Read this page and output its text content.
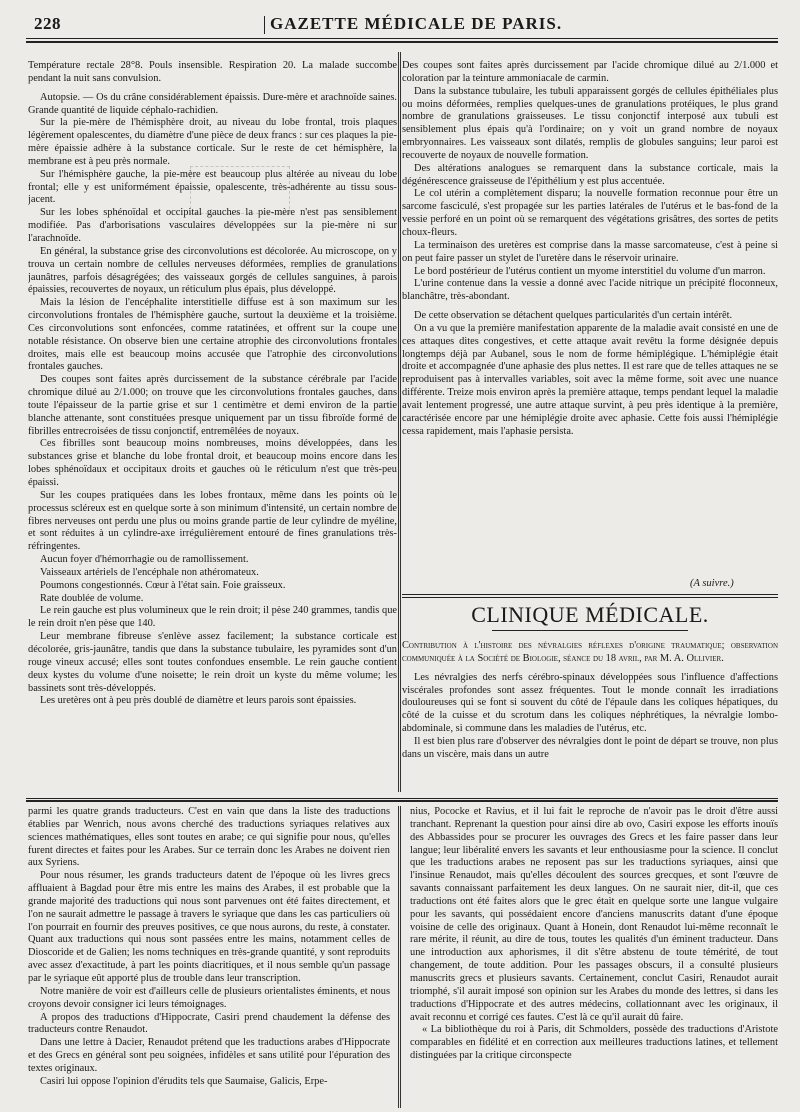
228	GAZETTE MÉDICALE DE PARIS.

Température rectale 28°8. Pouls insensible. Respiration 20. La malade succombe pendant la nuit sans convulsion.

Autopsie. — Os du crâne considérablement épaissis. Dure-mère et arachnoïde saines. Grande quantité de liquide céphalo-rachidien.

Sur la pie-mère de l'hémisphère droit, au niveau du lobe frontal, trois plaques légèrement opalescentes, du diamètre d'une pièce de deux francs : sur ces plaques la pie-mère épaissie adhère à la substance corticale. Sur le reste de cet hémisphère, la membrane est à peu près normale.

Sur l'hémisphère gauche, la pie-mère est beaucoup plus altérée au niveau du lobe frontal; elle y est uniformément épaissie, opalescente, très-adhérente au tissu sous-jacent.

Sur les lobes sphénoïdal et occipital gauches la pie-mère n'est pas sensiblement modifiée. Pas d'arborisations vasculaires développées sur la pie-mère ni sur l'arachnoïde.

En général, la substance grise des circonvolutions est décolorée. Au microscope, on y trouva un certain nombre de cellules nerveuses déformées, remplies de granulations jaunâtres, parfois désagrégées; des vaisseaux gorgés de cellules sanguines, à parois épaissies, recouvertes de noyaux, un réticulum plus épais, plus développé.

Mais la lésion de l'encéphalite interstitielle diffuse est à son maximum sur les circonvolutions frontales de l'hémisphère gauche, surtout la deuxième et la troisième. Ces circonvolutions sont enfoncées, comme ratatinées, et offrent sur la coupe une notable résistance. On observe bien une certaine atrophie des circonvolutions frontales droites, mais elle est beaucoup moins accusée que l'atrophie des circonvolutions frontales gauches.

Des coupes sont faites après durcissement de la substance cérébrale par l'acide chromique dilué au 2/1.000; on trouve que les circonvolutions frontales gauches, dans toute l'épaisseur de la partie grise et sur 1 centimètre et demi environ de la partie blanche attenante, sont constituées presque uniquement par un tissu fibroïde formé de fibrilles entrecroisées de tissu conjonctif, entremêlées de noyaux.

Ces fibrilles sont beaucoup moins nombreuses, moins développées, dans les substances grise et blanche du lobe frontal droit, et beaucoup moins encore dans les lobes sphénoïdaux et occipitaux droits et gauches où le réticulum n'est que très-peu épaissi.

Sur les coupes pratiquées dans les lobes frontaux, même dans les points où le processus scléreux est en quelque sorte à son minimum d'intensité, un certain nombre de fibres nerveuses ont perdu une plus ou moins grande partie de leur cylindre de myéline, et sont réduites à un cylindre-axe irrégulièrement entouré de fines granulations très-réfringentes.

Aucun foyer d'hémorrhagie ou de ramollissement.

Vaisseaux artériels de l'encéphale non athéromateux.

Poumons congestionnés. Cœur à l'état sain. Foie graisseux.

Rate doublée de volume.

Le rein gauche est plus volumineux que le rein droit; il pèse 240 grammes, tandis que le rein droit n'en pèse que 140.

Leur membrane fibreuse s'enlève assez facilement; la substance corticale est décolorée, gris-jaunâtre, tandis que dans la substance tubulaire, les pyramides sont d'un rouge vineux accusé; elles sont toutes confondues ensemble. Le rein gauche contient deux kystes du volume d'une noisette; le rein droit un kyste du même volume; les bassinets sont très-développés.

Les uretères ont à peu près doublé de diamètre et leurs parois sont épaissies.

Des coupes sont faites après durcissement par l'acide chromique dilué au 2/1.000 et coloration par la teinture ammoniacale de carmin.

Dans la substance tubulaire, les tubuli apparaissent gorgés de cellules épithéliales plus ou moins déformées, remplies quelques-unes de granulations protéiques, le plus grand nombre de granulations graisseuses. Le tissu conjonctif interposé aux tubuli est sensiblement plus épais qu'à l'ordinaire; on y voit un grand nombre de noyaux embryonnaires. Les vaisseaux sont dilatés, remplis de globules sanguins; leur paroi est recouverte de noyaux de nouvelle formation.

Des altérations analogues se remarquent dans la substance corticale, mais la dégénérescence graisseuse de l'épithélium y est plus accentuée.

Le col utérin a complètement disparu; la nouvelle formation reconnue pour être un sarcome fasciculé, s'est propagée sur les parties latérales de l'utérus et le bas-fond de la vessie perforé en un point où se remarquent des végétations grisâtres, des sortes de petits choux-fleurs.

La terminaison des uretères est comprise dans la masse sarcomateuse, c'est à peine si on peut faire passer un stylet de l'uretère dans le réservoir urinaire.

Le bord postérieur de l'utérus contient un myome interstitiel du volume d'un marron.

L'urine contenue dans la vessie a donné avec l'acide nitrique un précipité floconneux, blanchâtre, très-abondant.

De cette observation se détachent quelques particularités d'un certain intérêt.

On a vu que la première manifestation apparente de la maladie avait consisté en une de ces attaques dites congestives, et cette attaque avait revêtu la forme désignée depuis longtemps déjà par Aubanel, sous le nom de forme hémiplégique. L'hémiplégie était droite et accompagnée d'une aphasie des plus nettes. Il est rare que de telles attaques ne se reproduisent pas à intervalles variables, soit avec la même forme, soit avec une nuance différente. Treize mois environ après la première attaque, temps pendant lequel la maladie avait lentement progressé, une autre attaque survint, à peu près identique à la première, caractérisée encore par une hémiplégie droite avec aphasie. Cette fois aussi l'hémiplégie cessa rapidement, mais l'aphasie persista.

(A suivre.)
CLINIQUE MÉDICALE.

Contribution à l'histoire des névralgies réflexes d'origine traumatique; observation communiquée à la Société de Biologie, séance du 18 avril, par M. A. Ollivier.

Les névralgies des nerfs cérébro-spinaux développées sous l'influence d'affections viscérales profondes sont assez fréquentes. Tout le monde connaît les irradiations douloureuses qui se font si souvent du côté de l'épaule dans les coliques hépatiques, du côté de la cuisse et du scrotum dans les coliques néphrétiques, la névralgie lombo-abdominale, si commune dans les maladies de l'utérus, etc.

Il est bien plus rare d'observer des névralgies dont le point de départ se trouve, non plus dans un viscère, mais dans un autre

parmi les quatre grands traducteurs. C'est en vain que dans la liste des traductions établies par Wenrich, nous avons cherché des traductions syriaques relatives aux sciences mathématiques, elles sont toutes en arabe; ce qui signifie pour nous, qu'elles furent directes et faites pour les Arabes. Sur ce terrain donc les Arabes ne doivent rien aux Syriens.

Pour nous résumer, les grands traducteurs datent de l'époque où les livres grecs affluaient à Bagdad pour être mis entre les mains des Arabes, il est probable que la grande majorité des traductions qui nous sont parvenues ont été faites directement, et l'on ne saurait admettre le passage à travers le syriaque que dans les cas particuliers où l'on pourrait en fournir des preuves positives, ce que nous aurons, du reste, à constater. Quant aux traductions qui nous sont passées entre les mains, notamment celles de Dioscoride et de Galien; les noms techniques en très-grande quantité, y sont reproduits avec assez d'exactitude, à part les points diacritiques, et il nous semble qu'un passage par le syriaque eût apporté plus de trouble dans leur transcription.

Notre manière de voir est d'ailleurs celle de plusieurs orientalistes éminents, et nous croyons devoir consigner ici leurs témoignages.

A propos des traductions d'Hippocrate, Casiri prend chaudement la défense des traducteurs contre Renaudot.

Dans une lettre à Dacier, Renaudot prétend que les traductions arabes d'Hippocrate et des Grecs en général sont peu soignées, infidèles et sans utilité pour l'épuration des textes originaux.

Casiri lui oppose l'opinion d'érudits tels que Saumaise, Galicis, Erpe-

nius, Pococke et Ravius, et il lui fait le reproche de n'avoir pas le droit d'être aussi tranchant. Reprenant la question pour ainsi dire ab ovo, Casiri expose les efforts inouïs des Abbassides pour se procurer les ouvrages des Grecs et les faire passer dans leur langue; leur libéralité envers les savants et leur enthousiasme pour la science. Il conclut que les traductions arabes ne reposent pas sur les traductions syriaques, ainsi que l'insinue Renaudot, mais qu'elles découlent des sources grecques, et sont l'œuvre de savants connaissant parfaitement les deux langues. On ne saurait nier, dit-il, que ces traductions ont été faites alors que le grec était en quelque sorte une langue vulgaire pour les savants, qui possédaient encore d'anciens manuscrits datant d'une époque voisine de celle des originaux. Quant à Honein, dont Renaudot lui-même reconnaît le rare mérite, il réunit, au dire de tous, toutes les qualités d'un éminent traducteur. Dans une introduction aux aphorismes, il dit s'être abstenu de toute témérité, de tout changement, de toute addition. Pour les passages obscurs, il a consulté plusieurs manuscrits grecs et plusieurs savants. Certainement, conclut Casiri, Renaudot aurait triomphé, s'il aurait imposé son opinion sur les Arabes du monde des lettres, si dans les traductions d'Hippocrate et des autres médecins, collationnant avec les originaux, il avait reconnu et corrigé ces fautes. C'est là ce qu'il aurait dû faire.

« La bibliothèque du roi à Paris, dit Schmolders, possède des traductions d'Aristote comparables en fidélité et en correction aux meilleures traductions latines, et tellement distinguées par la critique circonspecte
